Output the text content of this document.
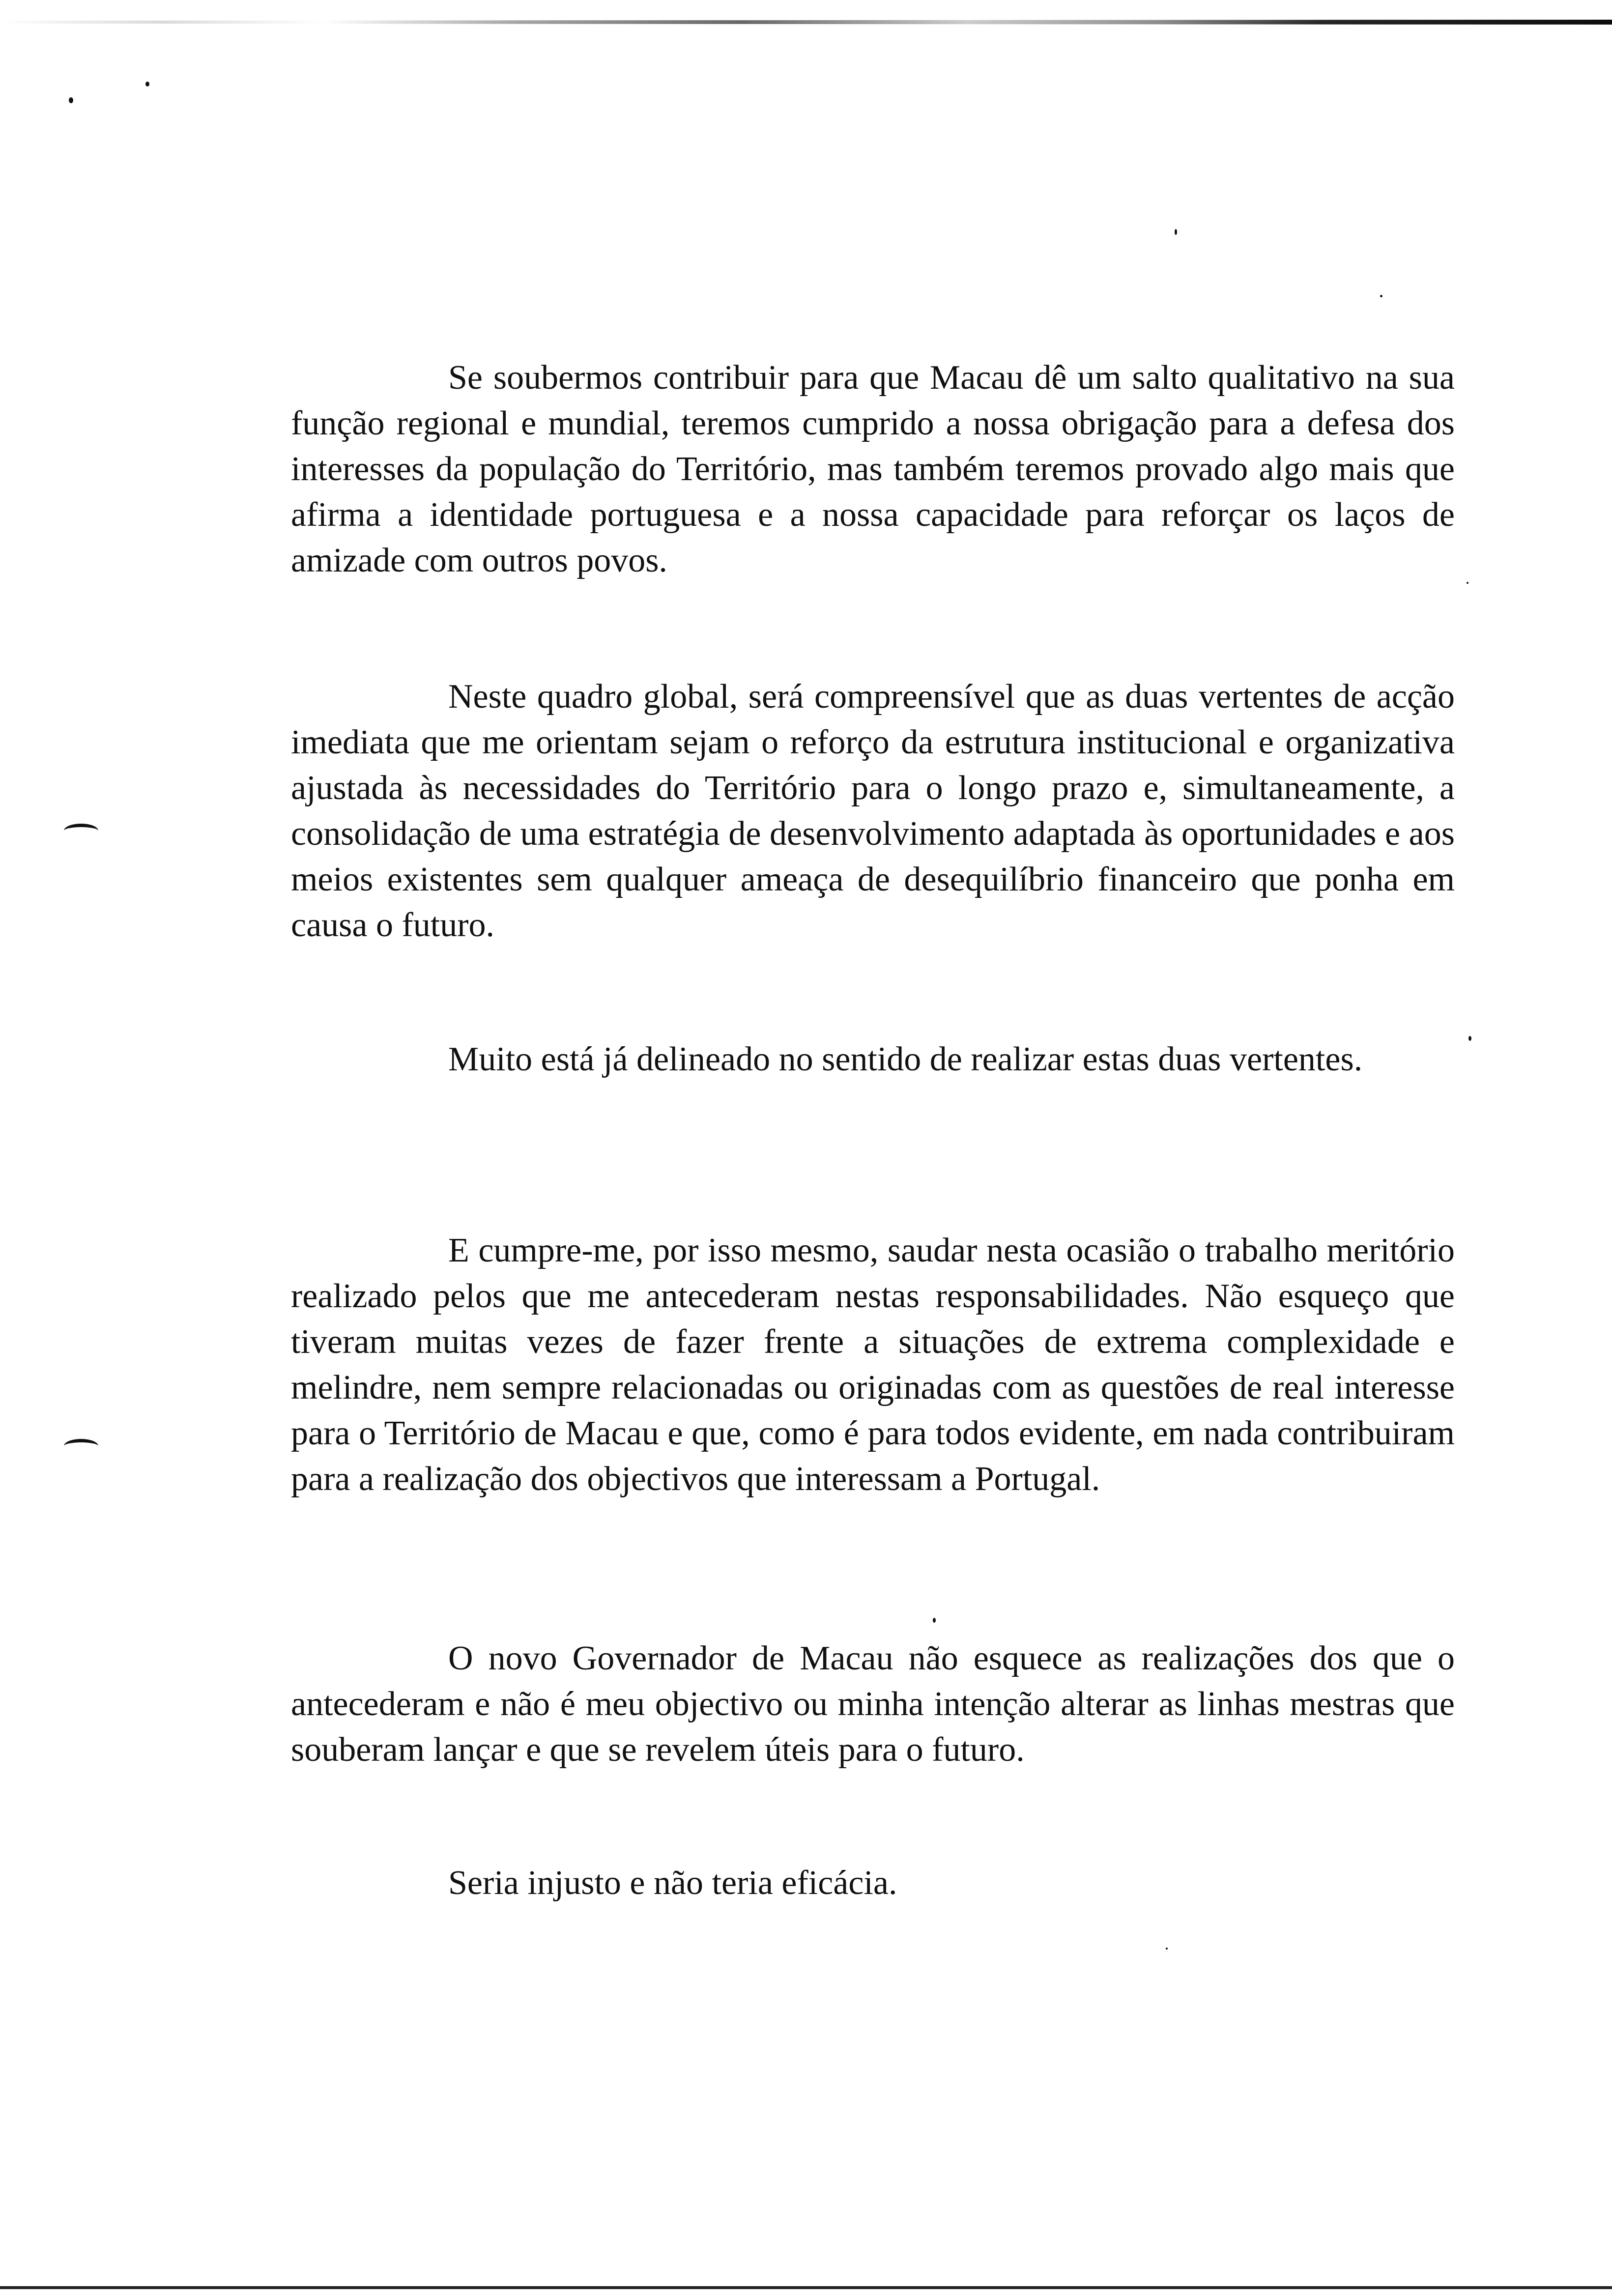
Se soubermos contribuir para que Macau dê um salto qualitativo na sua função regional e mundial, teremos cumprido a nossa obrigação para a defesa dos interesses da população do Território, mas também teremos provado algo mais que afirma a identidade portuguesa e a nossa capacidade para reforçar os laços de amizade com outros povos.

Neste quadro global, será compreensível que as duas vertentes de acção imediata que me orientam sejam o reforço da estrutura institucional e organizativa ajustada às necessidades do Território para o longo prazo e, simultaneamente, a consolidação de uma estratégia de desenvolvimento adaptada às oportunidades e aos meios existentes sem qualquer ameaça de desequilíbrio financeiro que ponha em causa o futuro.

Muito está já delineado no sentido de realizar estas duas vertentes.

E cumpre-me, por isso mesmo, saudar nesta ocasião o trabalho meritório realizado pelos que me antecederam nestas responsabilidades. Não esqueço que tiveram muitas vezes de fazer frente a situações de extrema complexidade e melindre, nem sempre relacionadas ou originadas com as questões de real interesse para o Território de Macau e que, como é para todos evidente, em nada contribuiram para a realização dos objectivos que interessam a Portugal.

O novo Governador de Macau não esquece as realizações dos que o antecederam e não é meu objectivo ou minha intenção alterar as linhas mestras que souberam lançar e que se revelem úteis para o futuro.

Seria injusto e não teria eficácia.
